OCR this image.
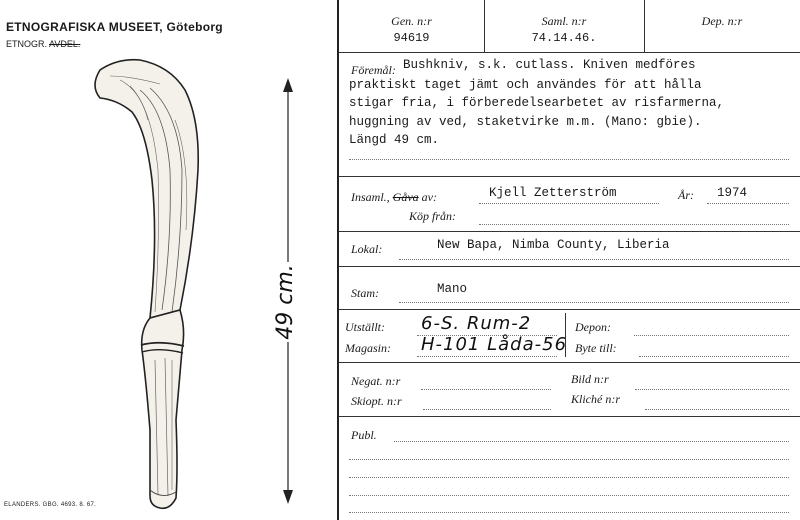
ETNOGRAFISKA MUSEET, Göteborg
ETNOGR. AVDEL.
49 cm.
ELANDERS. GBG. 4693. 8. 67.
Gen. n:r
94619
Saml. n:r
74.14.46.
Dep. n:r
Föremål: Bushkniv, s.k. cutlass. Kniven medföres
praktiskt taget jämt och användes för att hålla
stigar fria, i förberedelsearbetet av risfarmerna,
huggning av ved, staketvirke m.m. (Mano: gbie).
Längd 49 cm.
Insaml., Gåva av:	Kjell Zetterström	År: 1974
Köp från:
Lokal:	New Bapa, Nimba County, Liberia
Stam:	Mano
Utställt: 6-S. Rum-2
Magasin: H-101 Låda-56
Depon:
Byte till:
Negat. n:r	Bild n:r
Skiopt. n:r	Kliché n:r
Publ.
